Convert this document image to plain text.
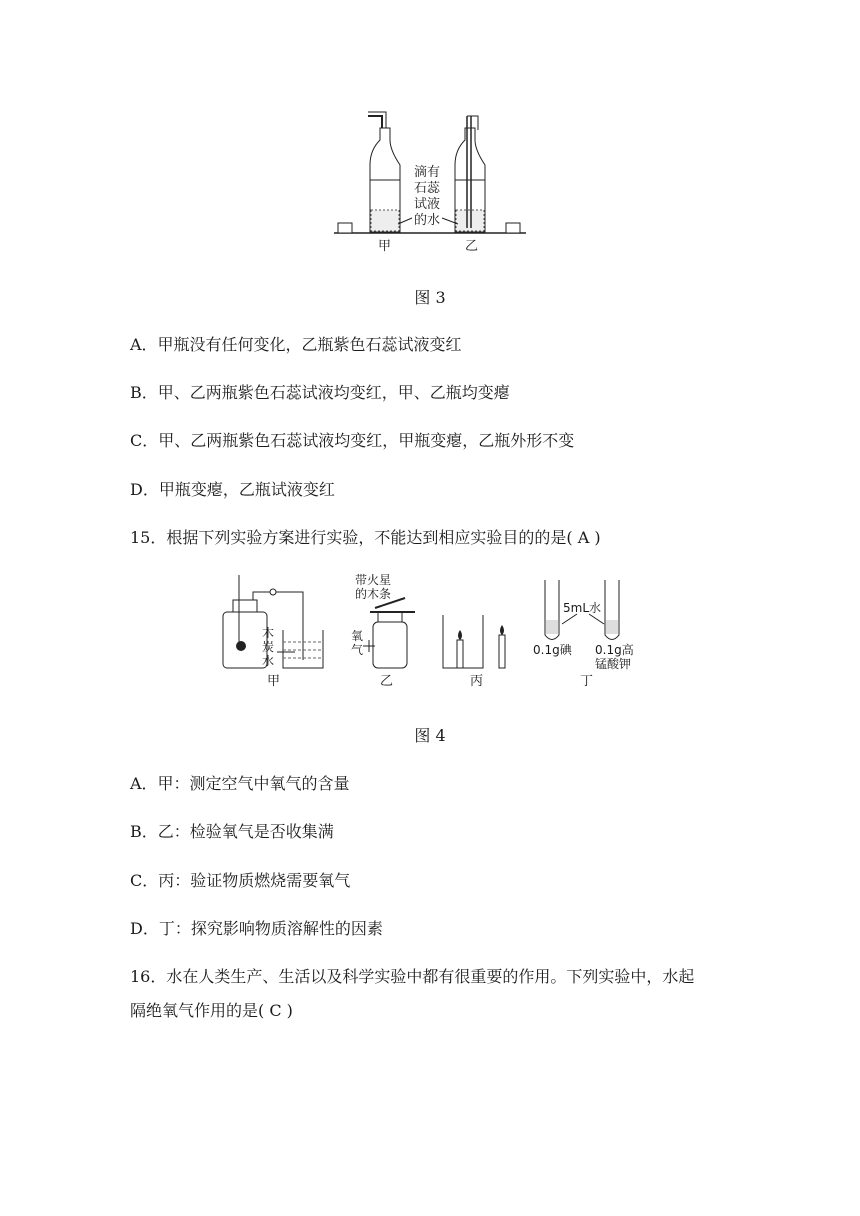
滴有
石蕊
试液
的水
甲	乙
图 3
A．甲瓶没有任何变化，乙瓶紫色石蕊试液变红
B．甲、乙两瓶紫色石蕊试液均变红，甲、乙瓶均变瘪
C．甲、乙两瓶紫色石蕊试液均变红，甲瓶变瘪，乙瓶外形不变
D．甲瓶变瘪，乙瓶试液变红
15．根据下列实验方案进行实验，不能达到相应实验目的的是( A )
木
炭
水
甲
带火星
的木条
氧
气
乙	丙
5mL水
0.1g碘 0.1g高
锰酸钾
丁
图 4
A．甲：测定空气中氧气的含量
B．乙：检验氧气是否收集满
C．丙：验证物质燃烧需要氧气
D．丁：探究影响物质溶解性的因素
16．水在人类生产、生活以及科学实验中都有很重要的作用。下列实验中，水起
隔绝氧气作用的是( C )
